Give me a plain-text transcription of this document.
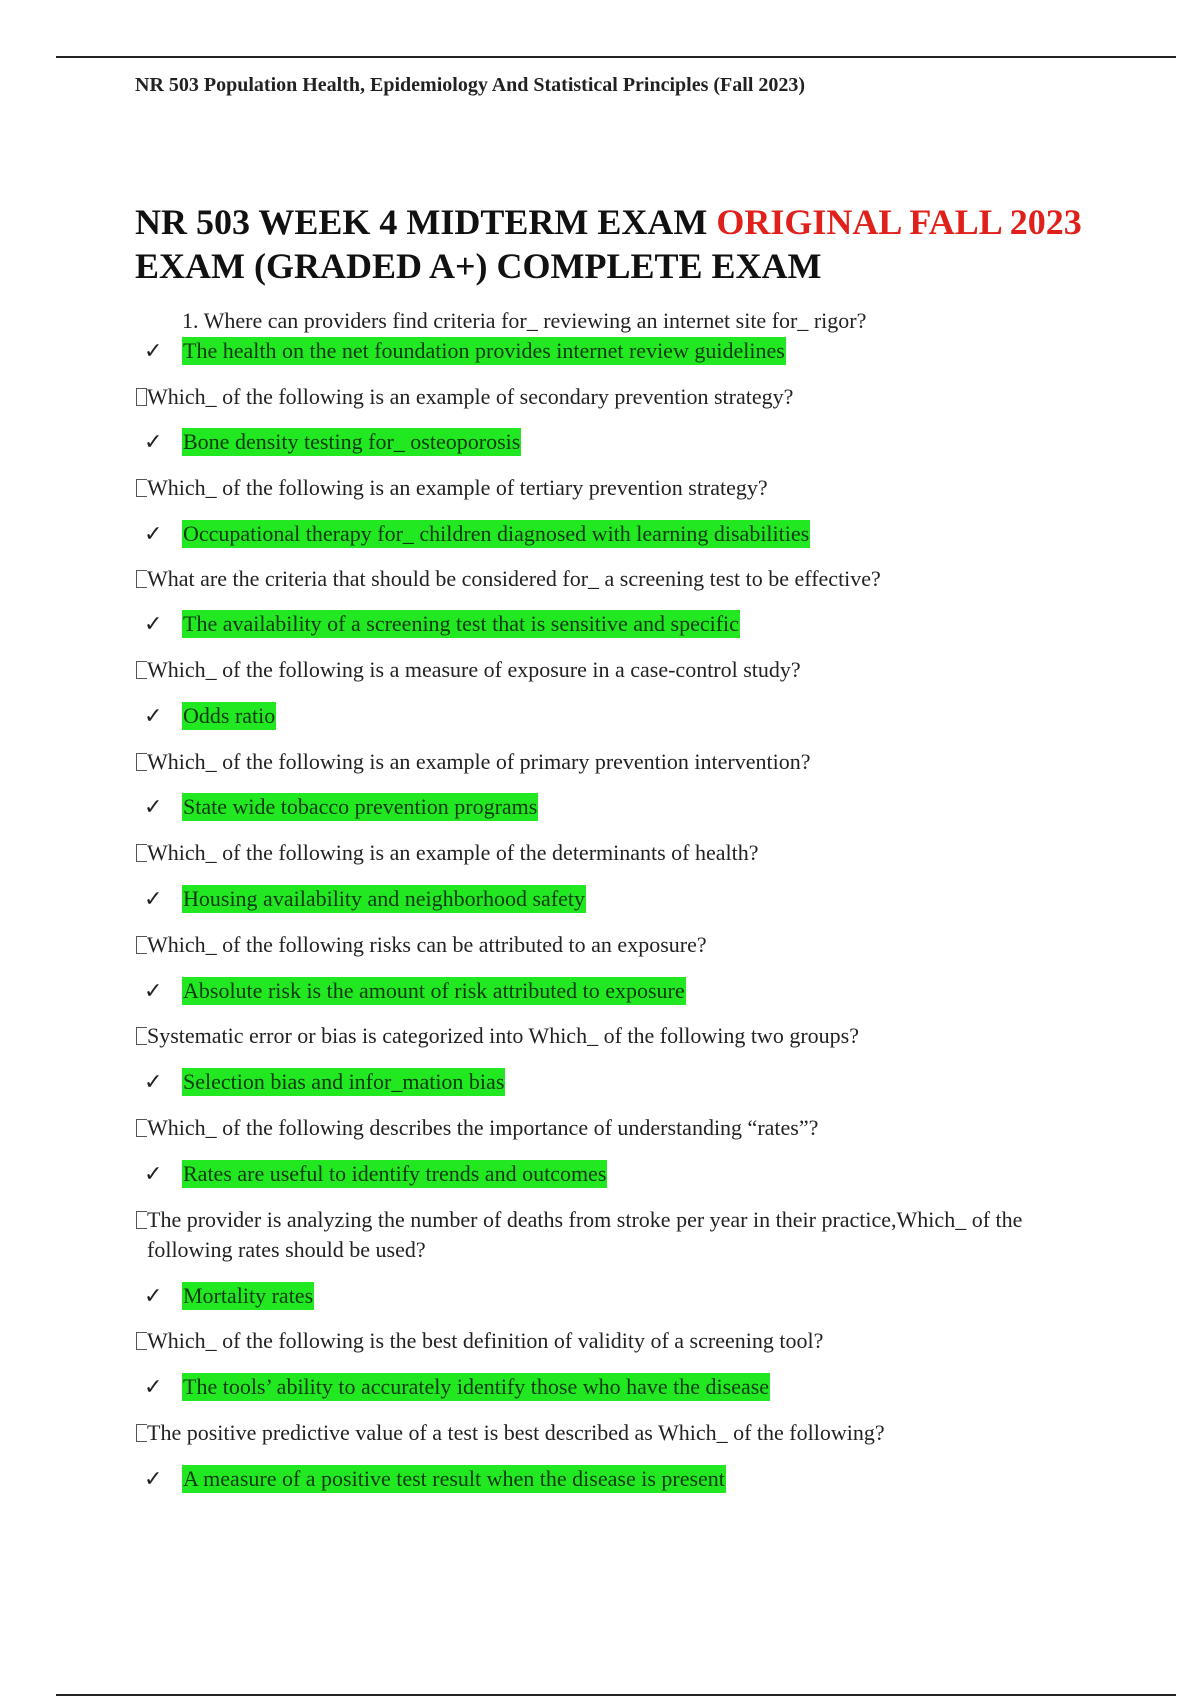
NR 503 Population Health, Epidemiology And Statistical Principles (Fall 2023)
NR 503 WEEK 4 MIDTERM EXAM ORIGINAL FALL 2023
EXAM (GRADED A+) COMPLETE EXAM
1. Where can providers find criteria for_ reviewing an internet site for_ rigor?
✓ The health on the net foundation provides internet review guidelines
Which_ of the following is an example of secondary prevention strategy?
✓ Bone density testing for_ osteoporosis
Which_ of the following is an example of tertiary prevention strategy?
✓ Occupational therapy for_ children diagnosed with learning disabilities
What are the criteria that should be considered for_ a screening test to be effective?
✓ The availability of a screening test that is sensitive and specific
Which_ of the following is a measure of exposure in a case-control study?
✓ Odds ratio
Which_ of the following is an example of primary prevention intervention?
✓ State wide tobacco prevention programs
Which_ of the following is an example of the determinants of health?
✓ Housing availability and neighborhood safety
Which_ of the following risks can be attributed to an exposure?
✓ Absolute risk is the amount of risk attributed to exposure
Systematic error or bias is categorized into Which_ of the following two groups?
✓ Selection bias and infor_mation bias
Which_ of the following describes the importance of understanding “rates”?
✓ Rates are useful to identify trends and outcomes
The provider is analyzing the number of deaths from stroke per year in their practice,Which_ of the following rates should be used?
✓ Mortality rates
Which_ of the following is the best definition of validity of a screening tool?
✓ The tools’ ability to accurately identify those who have the disease
The positive predictive value of a test is best described as Which_ of the following?
✓ A measure of a positive test result when the disease is present
